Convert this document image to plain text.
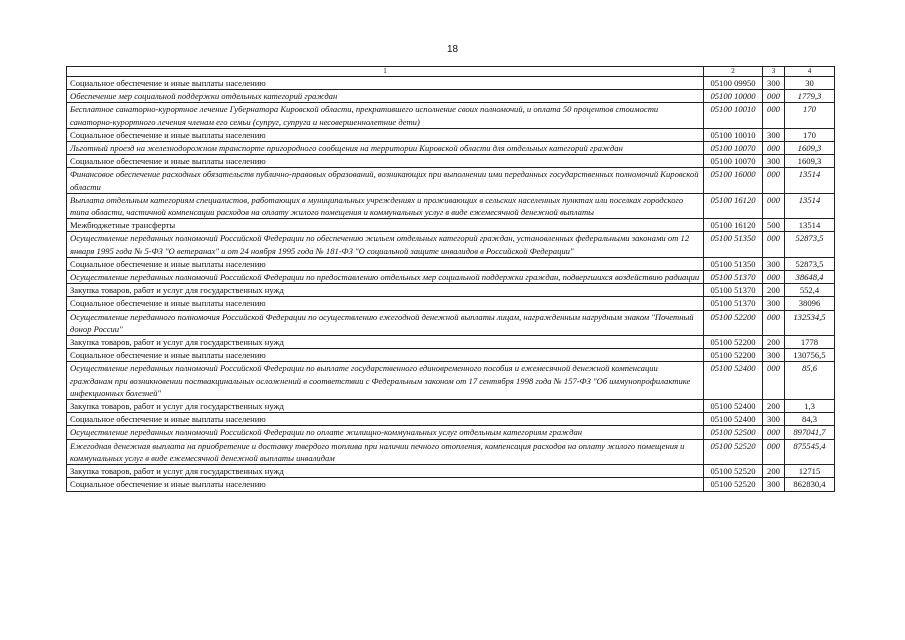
18
1	2	3	4
Социальное обеспечение и иные выплаты населению	05100 09950	300	30
Обеспечение мер социальной поддержки отдельных категорий граждан	05100 10000	000	1779,3
Бесплатное санаторно-курортное лечение Губернатора Кировской области, прекратившего исполнение своих полномочий, и оплата 50 процентов стоимости санаторно-курортного лечения членам его семьи (супруг, супруга и несовершеннолетние дети)	05100 10010	000	170
Социальное обеспечение и иные выплаты населению	05100 10010	300	170
Льготный проезд на железнодорожном транспорте пригородного сообщения на территории Кировской области для отдельных категорий граждан	05100 10070	000	1609,3
Социальное обеспечение и иные выплаты населению	05100 10070	300	1609,3
Финансовое обеспечение расходных обязательств публично-правовых образований, возникающих при выполнении ими переданных государственных полномочий Кировской области	05100 16000	000	13514
Выплата отдельным категориям специалистов, работающих в муниципальных учреждениях и проживающих в сельских населенных пунктах или поселках городского типа области, частичной компенсации расходов на оплату жилого помещения и коммунальных услуг в виде ежемесячной денежной выплаты	05100 16120	000	13514
Межбюджетные трансферты	05100 16120	500	13514
Осуществление переданных полномочий Российской Федерации по обеспечению жильем отдельных категорий граждан, установленных федеральными законами от 12 января 1995 года № 5-ФЗ "О ветеранах" и от 24 ноября 1995 года № 181-ФЗ "О социальной защите инвалидов в Российской Федерации"	05100 51350	000	52873,5
Социальное обеспечение и иные выплаты населению	05100 51350	300	52873,5
Осуществление переданных полномочий Российской Федерации по предоставлению отдельных мер социальной поддержки граждан, подвергшихся воздействию радиации	05100 51370	000	38648,4
Закупка товаров, работ и услуг для государственных нужд	05100 51370	200	552,4
Социальное обеспечение и иные выплаты населению	05100 51370	300	38096
Осуществление переданного полномочия Российской Федерации по осуществлению ежегодной денежной выплаты лицам, награжденным нагрудным знаком "Почетный донор России"	05100 52200	000	132534,5
Закупка товаров, работ и услуг для государственных нужд	05100 52200	200	1778
Социальное обеспечение и иные выплаты населению	05100 52200	300	130756,5
Осуществление переданных полномочий Российской Федерации по выплате государственного единовременного пособия и ежемесячной денежной компенсации гражданам при возникновении поствакцинальных осложнений в соответствии с Федеральным законом от 17 сентября 1998 года № 157-ФЗ "Об иммунопрофилактике инфекционных болезней"	05100 52400	000	85,6
Закупка товаров, работ и услуг для государственных нужд	05100 52400	200	1,3
Социальное обеспечение и иные выплаты населению	05100 52400	300	84,3
Осуществление переданных полномочий Российской Федерации по оплате жилищно-коммунальных услуг отдельным категориям граждан	05100 52500	000	897041,7
Ежегодная денежная выплата на приобретение и доставку твердого топлива при наличии печного отопления, компенсация расходов на оплату жилого помещения и коммунальных услуг в виде ежемесячной денежной выплаты инвалидам	05100 52520	000	875545,4
Закупка товаров, работ и услуг для государственных нужд	05100 52520	200	12715
Социальное обеспечение и иные выплаты населению	05100 52520	300	862830,4
